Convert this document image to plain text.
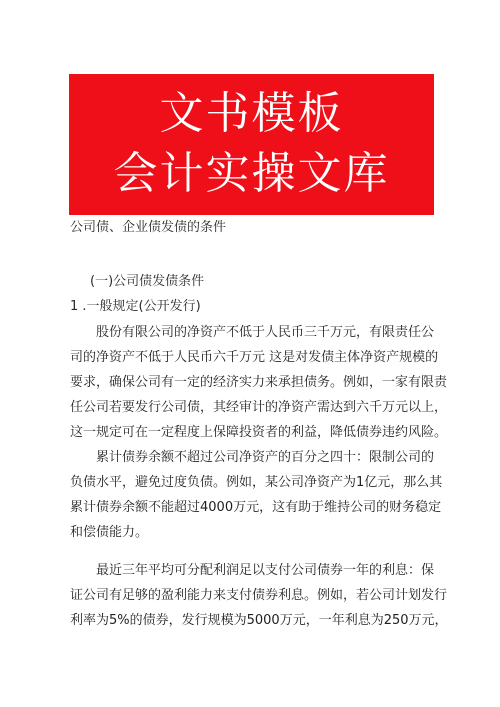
文书模板
会计实操文库
公司债、企业债发债的条件
(一)公司债发债条件
1 .一般规定(公开发行)
股份有限公司的净资产不低于人民币三千万元，有限责任公
司的净资产不低于人民币六千万元 这是对发债主体净资产规模的
要求，确保公司有一定的经济实力来承担债务。例如，一家有限责
任公司若要发行公司债，其经审计的净资产需达到六千万元以上，
这一规定可在一定程度上保障投资者的利益，降低债券违约风险。
累计债券余额不超过公司净资产的百分之四十：限制公司的
负债水平，避免过度负债。例如，某公司净资产为1亿元，那么其
累计债券余额不能超过4000万元，这有助于维持公司的财务稳定
和偿债能力。
最近三年平均可分配利润足以支付公司债券一年的利息：保
证公司有足够的盈利能力来支付债券利息。例如，若公司计划发行
利率为5%的债券，发行规模为5000万元，一年利息为250万元，
